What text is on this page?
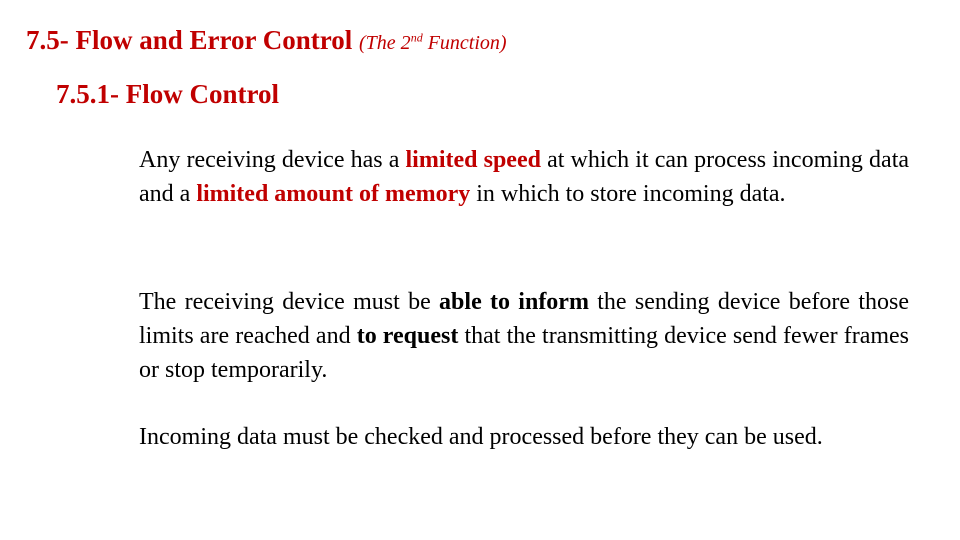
7.5- Flow and Error Control (The 2nd Function)
7.5.1- Flow Control

Any receiving device has a limited speed at which it can process incoming data and a limited amount of memory in which to store incoming data.

The receiving device must be able to inform the sending device before those limits are reached and to request that the transmitting device send fewer frames or stop temporarily.

Incoming data must be checked and processed before they can be used.
